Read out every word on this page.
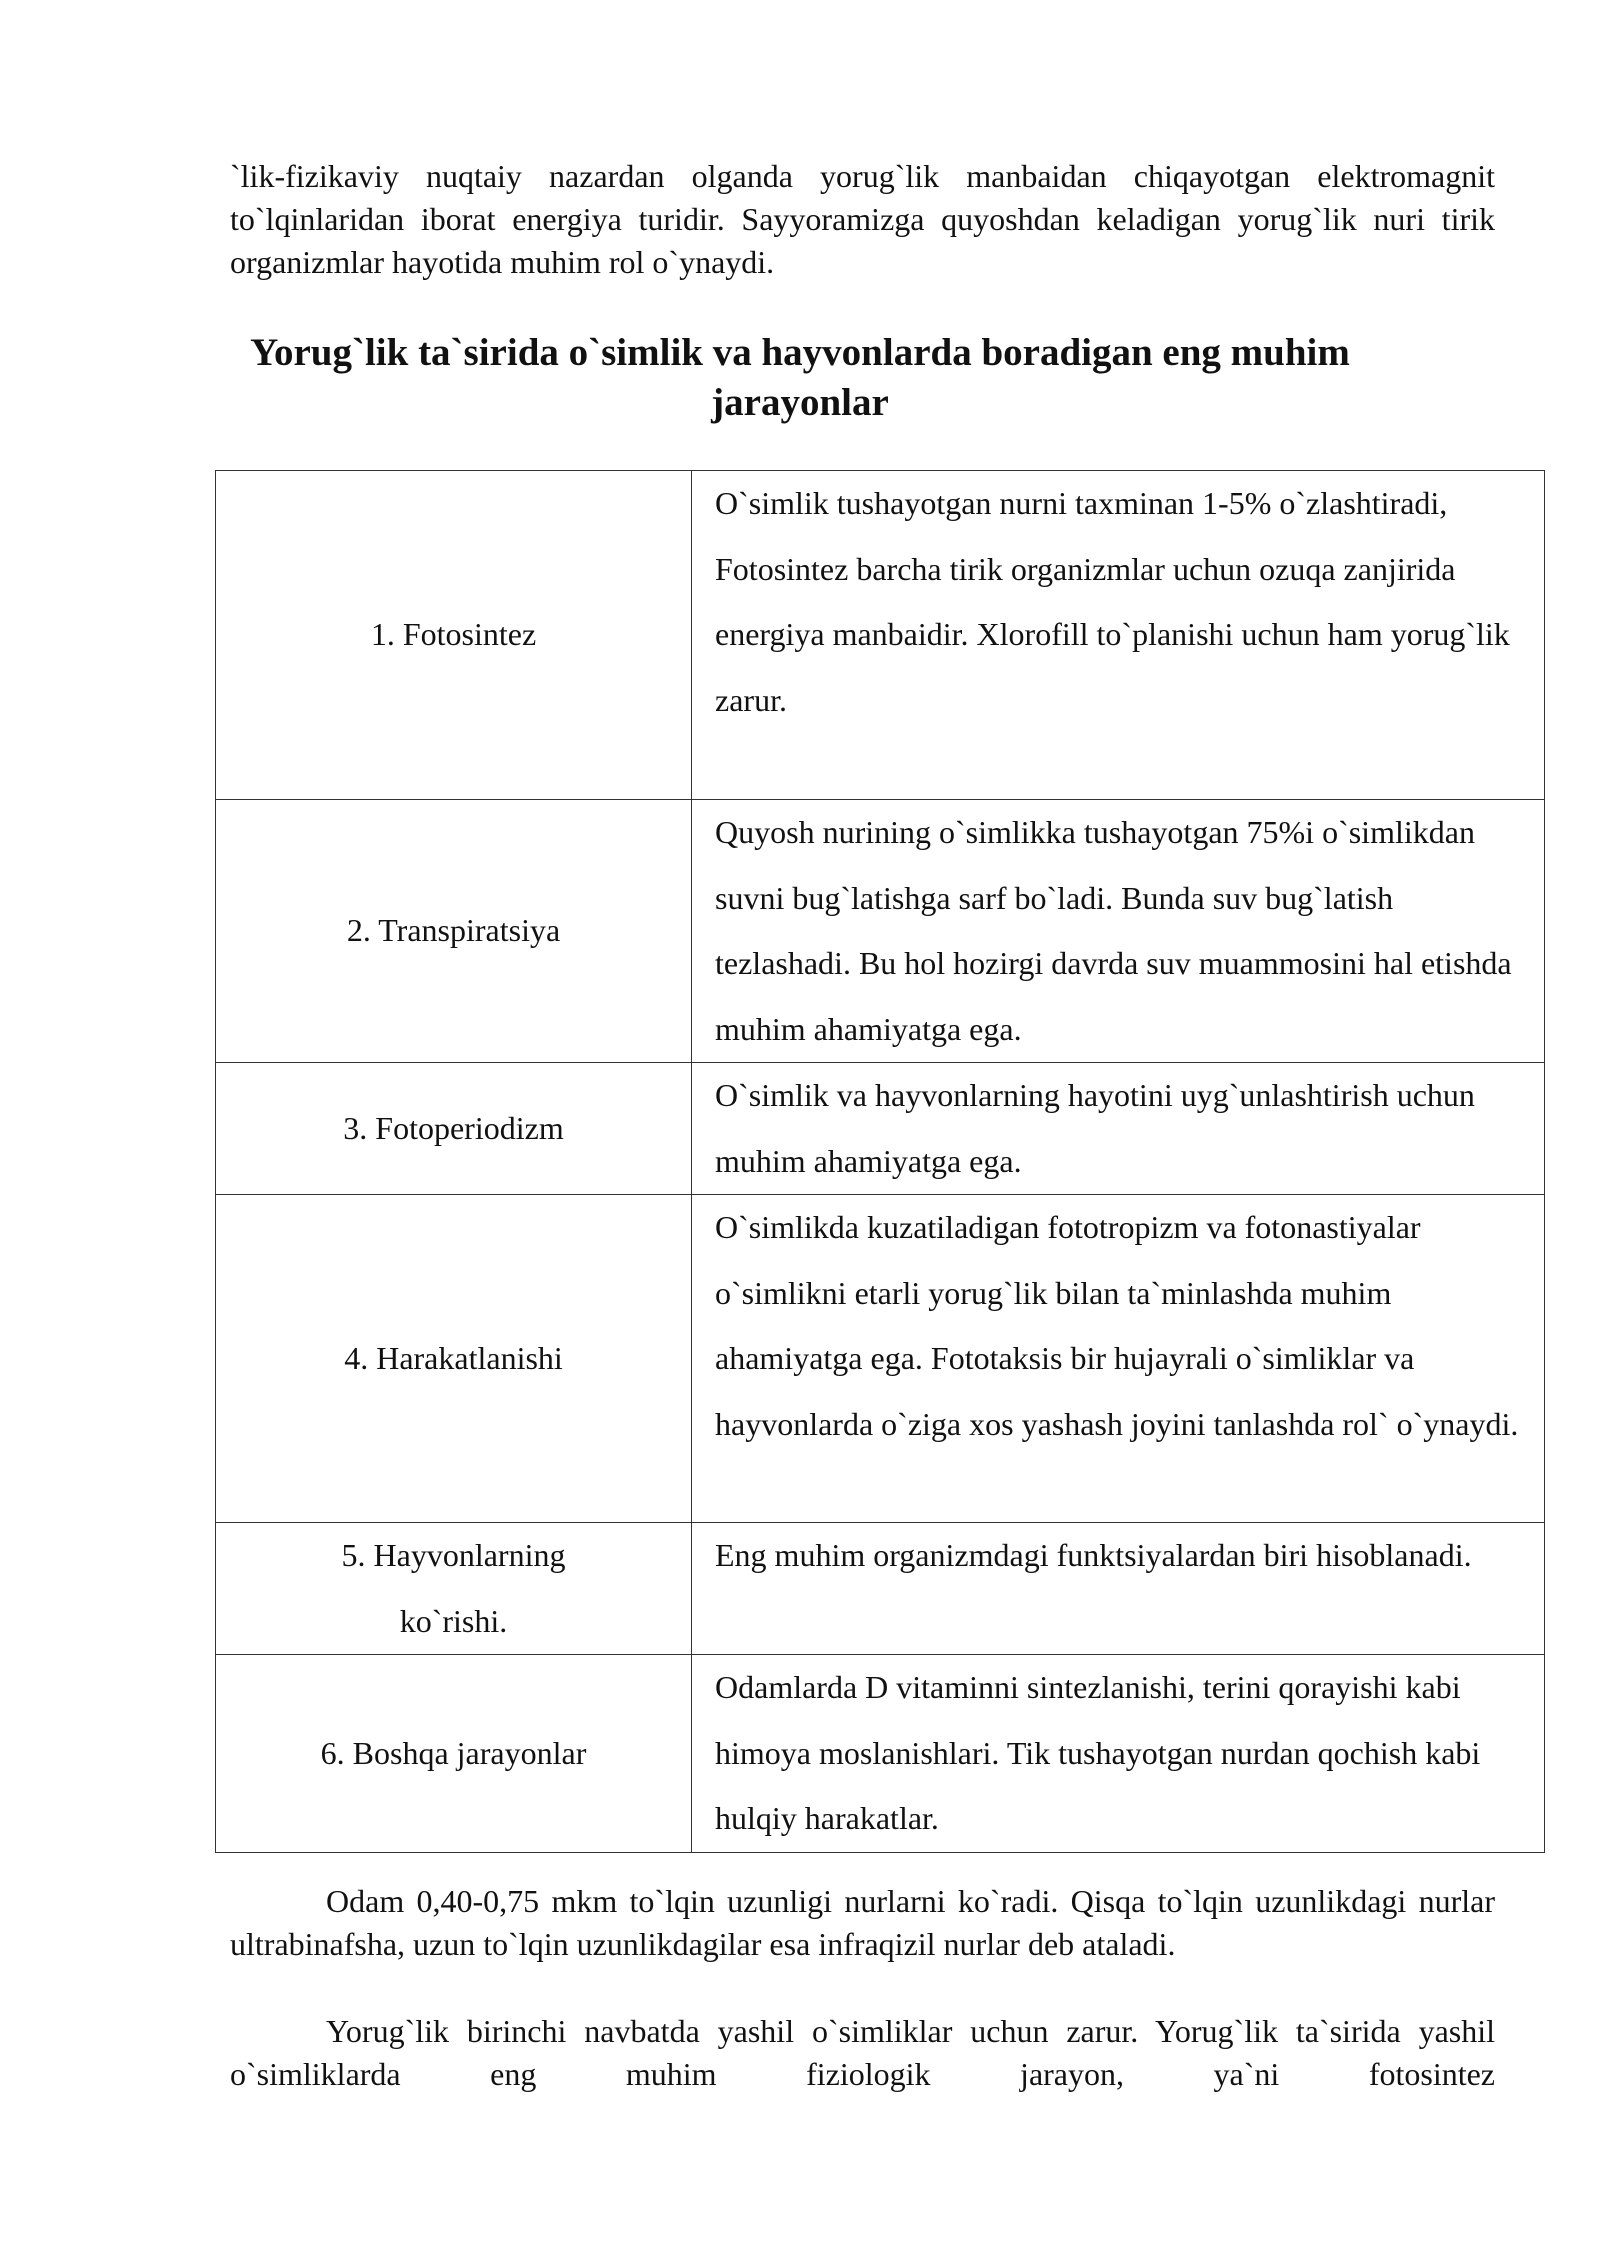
`lik-fizikaviy nuqtaiy nazardan olganda yorug`lik manbaidan chiqayotgan elektromagnit to`lqinlaridan iborat energiya turidir. Sayyoramizga quyoshdan keladigan yorug`lik nuri tirik organizmlar hayotida muhim rol o`ynaydi.

Yorug`lik ta`sirida o`simlik va hayvonlarda boradigan eng muhim jarayonlar
1. Fotosintez	O`simlik tushayotgan nurni taxminan 1-5% o`zlashtiradi, Fotosintez barcha tirik organizmlar uchun ozuqa zanjirida energiya manbaidir. Xlorofill to`planishi uchun ham yorug`lik zarur.
2. Transpiratsiya	Quyosh nurining o`simlikka tushayotgan 75%i o`simlikdan suvni bug`latishga sarf bo`ladi. Bunda suv bug`latish tezlashadi. Bu hol hozirgi davrda suv muammosini hal etishda muhim ahamiyatga ega.
3. Fotoperiodizm	O`simlik va hayvonlarning hayotini uyg`unlashtirish uchun muhim ahamiyatga ega.
4. Harakatlanishi	O`simlikda kuzatiladigan fototropizm va fotonastiyalar o`simlikni etarli yorug`lik bilan ta`minlashda muhim ahamiyatga ega. Fototaksis bir hujayrali o`simliklar va hayvonlarda o`ziga xos yashash joyini tanlashda rol` o`ynaydi.
5. Hayvonlarning ko`rishi.	Eng muhim organizmdagi funktsiyalardan biri hisoblanadi.
6. Boshqa jarayonlar	Odamlarda D vitaminni sintezlanishi, terini qorayishi kabi himoya moslanishlari. Tik tushayotgan nurdan qochish kabi hulqiy harakatlar.

Odam 0,40-0,75 mkm to`lqin uzunligi nurlarni ko`radi. Qisqa to`lqin uzunlikdagi nurlar ultrabinafsha, uzun to`lqin uzunlikdagilar esa infraqizil nurlar deb ataladi.

Yorug`lik birinchi navbatda yashil o`simliklar uchun zarur. Yorug`lik ta`sirida yashil o`simliklarda eng muhim fiziologik jarayon, ya`ni fotosintez
